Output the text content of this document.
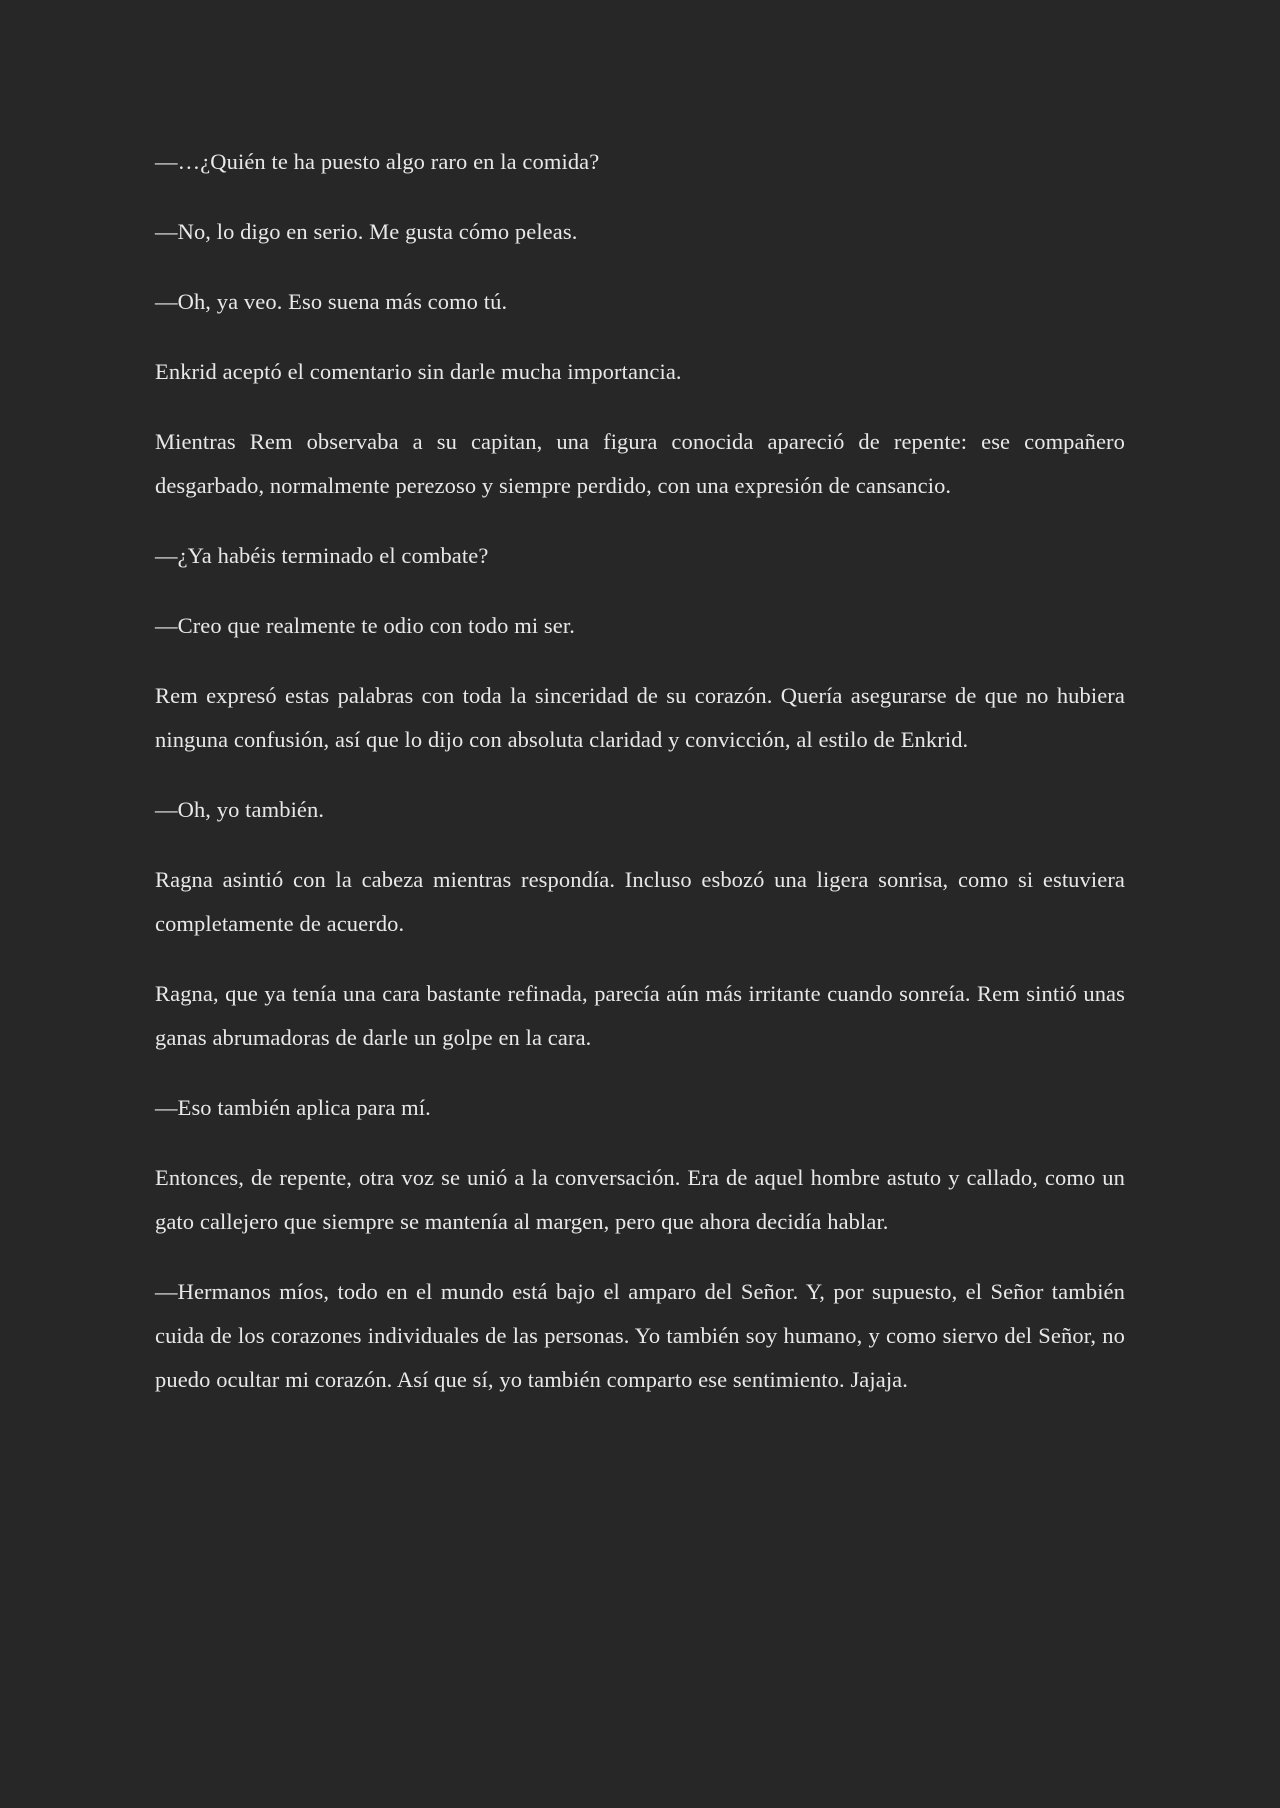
—…¿Quién te ha puesto algo raro en la comida?

—No, lo digo en serio. Me gusta cómo peleas.

—Oh, ya veo. Eso suena más como tú.

Enkrid aceptó el comentario sin darle mucha importancia.

Mientras Rem observaba a su capitan, una figura conocida apareció de repente: ese compañero desgarbado, normalmente perezoso y siempre perdido, con una expresión de cansancio.

—¿Ya habéis terminado el combate?

—Creo que realmente te odio con todo mi ser.

Rem expresó estas palabras con toda la sinceridad de su corazón. Quería asegurarse de que no hubiera ninguna confusión, así que lo dijo con absoluta claridad y convicción, al estilo de Enkrid.

—Oh, yo también.

Ragna asintió con la cabeza mientras respondía. Incluso esbozó una ligera sonrisa, como si estuviera completamente de acuerdo.

Ragna, que ya tenía una cara bastante refinada, parecía aún más irritante cuando sonreía. Rem sintió unas ganas abrumadoras de darle un golpe en la cara.

—Eso también aplica para mí.

Entonces, de repente, otra voz se unió a la conversación. Era de aquel hombre astuto y callado, como un gato callejero que siempre se mantenía al margen, pero que ahora decidía hablar.

—Hermanos míos, todo en el mundo está bajo el amparo del Señor. Y, por supuesto, el Señor también cuida de los corazones individuales de las personas. Yo también soy humano, y como siervo del Señor, no puedo ocultar mi corazón. Así que sí, yo también comparto ese sentimiento. Jajaja.
